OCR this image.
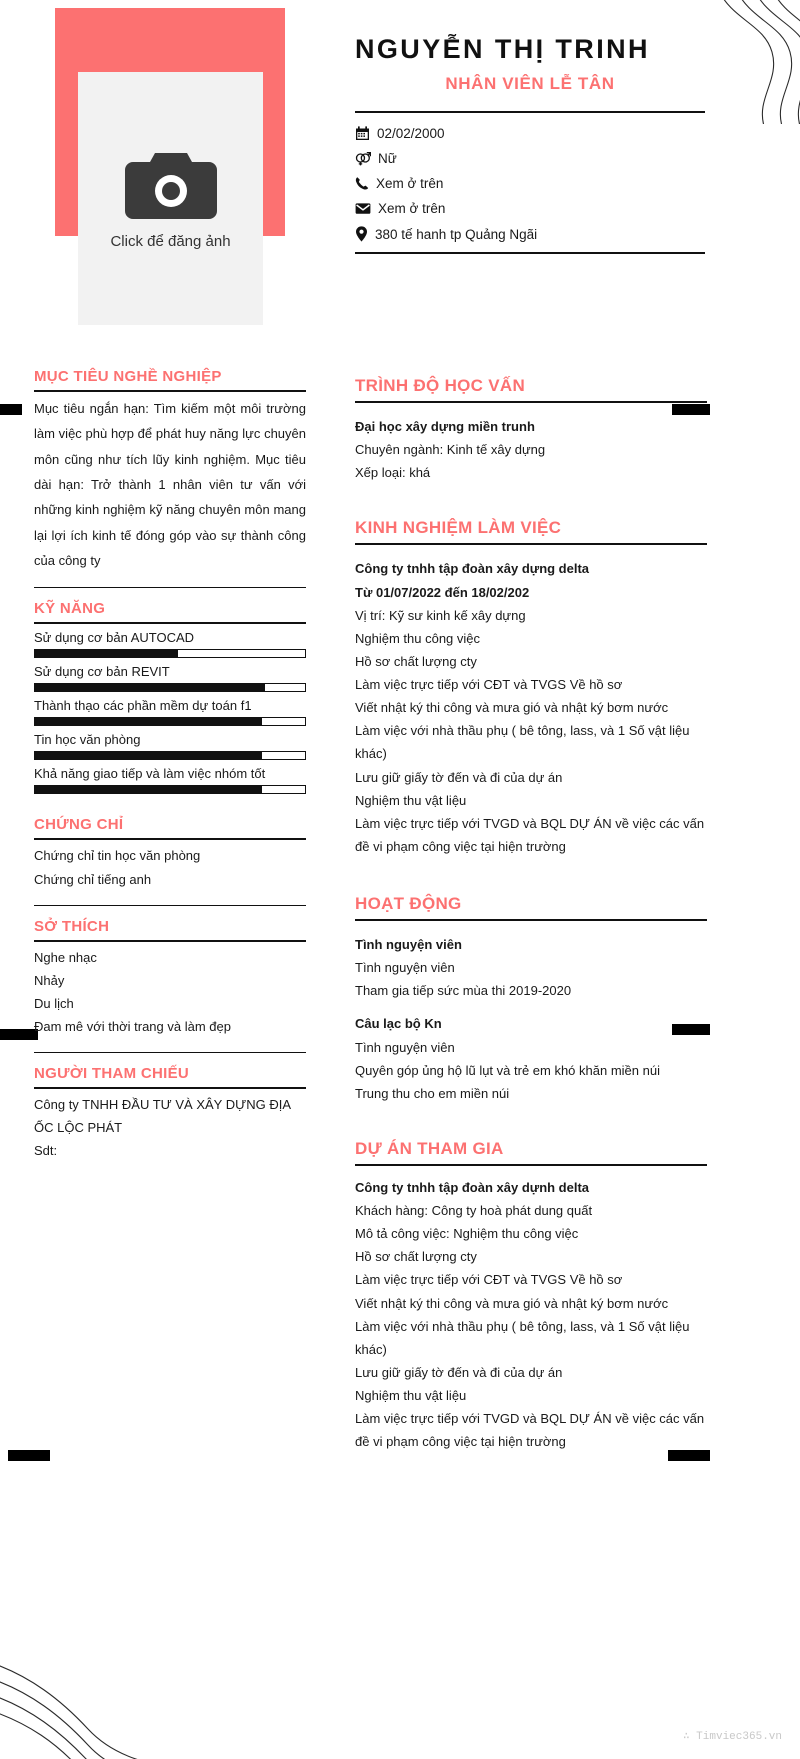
Click để đăng ảnh
NGUYỄN THỊ TRINH
NHÂN VIÊN LỄ TÂN
02/02/2000
Nữ
Xem ở trên
Xem ở trên
380 tế hanh tp Quảng Ngãi
MỤC TIÊU NGHỀ NGHIỆP
Mục tiêu ngắn hạn: Tìm kiếm một môi trường làm việc phù hợp để phát huy năng lực chuyên môn cũng như tích lũy kinh nghiệm. Mục tiêu dài hạn: Trở thành 1 nhân viên tư vấn với những kinh nghiệm kỹ năng chuyên môn mang lại lợi ích kinh tế đóng góp vào sự thành công của công ty
KỸ NĂNG
Sử dụng cơ bản AUTOCAD
Sử dụng cơ bản REVIT
Thành thạo các phần mềm dự toán f1
Tin học văn phòng
Khả năng giao tiếp và làm việc nhóm tốt
CHỨNG CHỈ
Chứng chỉ tin học văn phòng
Chứng chỉ tiếng anh
SỞ THÍCH
Nghe nhạc
Nhảy
Du lịch
Đam mê với thời trang và làm đẹp
NGƯỜI THAM CHIẾU
Công ty TNHH ĐẦU TƯ VÀ XÂY DỰNG ĐỊA ỐC LỘC PHÁT
Sdt:
TRÌNH ĐỘ HỌC VẤN
Đại học xây dựng miền trunh
Chuyên ngành: Kinh tế xây dựng
Xếp loại: khá
KINH NGHIỆM LÀM VIỆC
Công ty tnhh tập đoàn xây dựng delta
Từ 01/07/2022 đến 18/02/202
Vị trí: Kỹ sư kinh kế xây dựng
Nghiệm thu công việc
Hồ sơ chất lượng cty
Làm việc trực tiếp với CĐT và TVGS Về hồ sơ
Viết nhật ký thi công và mưa gió và nhật ký bơm nước
Làm việc với nhà thầu phụ ( bê tông, lass, và 1 Số vật liệu khác)
Lưu giữ giấy tờ đến và đi của dự án
Nghiệm thu vật liệu
Làm việc trực tiếp với TVGD và BQL DỰ ÁN về việc các vấn đề vi phạm công việc tại hiện trường
HOẠT ĐỘNG
Tình nguyện viên
Tình nguyện viên
Tham gia tiếp sức mùa thi 2019-2020
Câu lạc bộ Kn
Tình nguyện viên
Quyên góp ủng hộ lũ lụt và trẻ em khó khăn miền núi
Trung thu cho em miền núi
DỰ ÁN THAM GIA
Công ty tnhh tập đoàn xây dựnh delta
Khách hàng: Công ty hoà phát dung quất
Mô tả công việc: Nghiệm thu công việc
Hồ sơ chất lượng cty
Làm việc trực tiếp với CĐT và TVGS Về hồ sơ
Viết nhật ký thi công và mưa gió và nhật ký bơm nước
Làm việc với nhà thầu phụ ( bê tông, lass, và 1 Số vật liệu khác)
Lưu giữ giấy tờ đến và đi của dự án
Nghiệm thu vật liệu
Làm việc trực tiếp với TVGD và BQL DỰ ÁN về việc các vấn đề vi phạm công việc tại hiện trường
∴ Timviec365.vn
